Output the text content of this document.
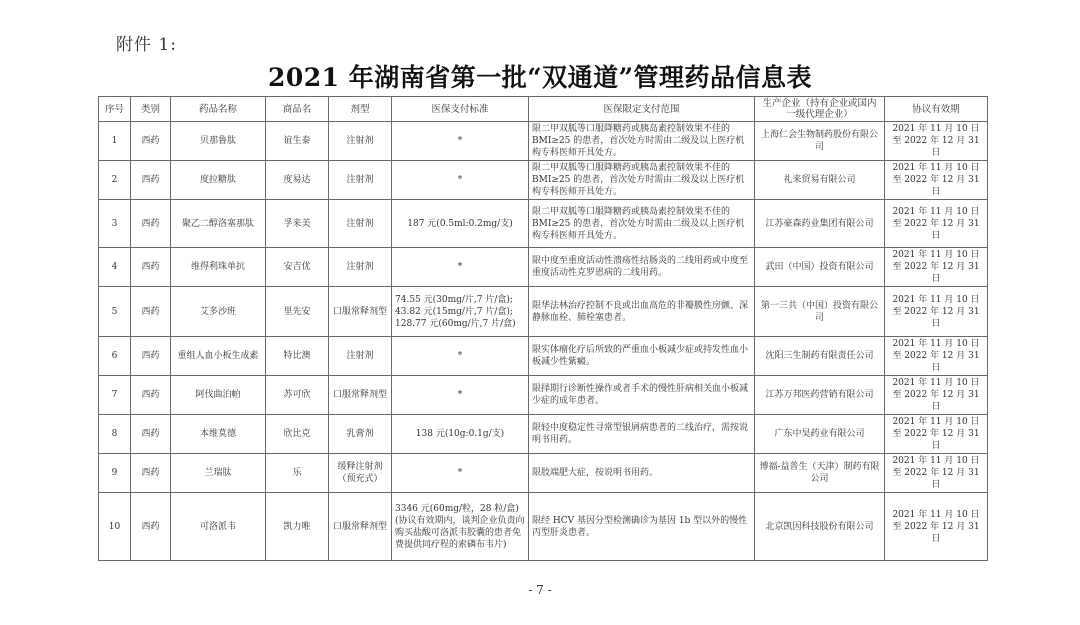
附件 1:
2021 年湖南省第一批“双通道”管理药品信息表
序号	类别	药品名称	商品名	剂型	医保支付标准	医保限定支付范围	生产企业（持有企业或国内一级代理企业）	协议有效期
1	西药	贝那鲁肽	谊生泰	注射剂	*	限二甲双胍等口服降糖药或胰岛素控制效果不佳的 BMI≥25 的患者，首次处方时需由二级及以上医疗机构专科医师开具处方。	上海仁会生物制药股份有限公司	2021 年 11 月 10 日至 2022 年 12 月 31 日
2	西药	度拉糖肽	度易达	注射剂	*	限二甲双胍等口服降糖药或胰岛素控制效果不佳的 BMI≥25 的患者，首次处方时需由二级及以上医疗机构专科医师开具处方。	礼来贸易有限公司	2021 年 11 月 10 日至 2022 年 12 月 31 日
3	西药	聚乙二醇洛塞那肽	孚来美	注射剂	187 元(0.5ml:0.2mg/支)	限二甲双胍等口服降糖药或胰岛素控制效果不佳的 BMI≥25 的患者，首次处方时需由二级及以上医疗机构专科医师开具处方。	江苏豪森药业集团有限公司	2021 年 11 月 10 日至 2022 年 12 月 31 日
4	西药	维得利珠单抗	安吉优	注射剂	*	限中度至重度活动性溃疡性结肠炎的二线用药或中度至重度活动性克罗恩病的二线用药。	武田（中国）投资有限公司	2021 年 11 月 10 日至 2022 年 12 月 31 日
5	西药	艾多沙班	里先安	口服常释剂型	74.55 元(30mg/片,7 片/盒); 43.82 元(15mg/片,7 片/盒); 128.77 元(60mg/片,7 片/盒)	限华法林治疗控制不良或出血高危的非瓣膜性房颤、深静脉血栓、肺栓塞患者。	第一三共（中国）投资有限公司	2021 年 11 月 10 日至 2022 年 12 月 31 日
6	西药	重组人血小板生成素	特比澳	注射剂	*	限实体瘤化疗后所致的严重血小板减少症或持发性血小板减少性紫癜。	沈阳三生制药有限责任公司	2021 年 11 月 10 日至 2022 年 12 月 31 日
7	西药	阿伐曲泊帕	苏可欣	口服常释剂型	*	限择期行诊断性操作或者手术的慢性肝病相关血小板减少症的成年患者。	江苏万邦医药营销有限公司	2021 年 11 月 10 日至 2022 年 12 月 31 日
8	西药	本维莫德	欣比克	乳膏剂	138 元(10g:0.1g/支)	限轻中度稳定性寻常型银屑病患者的二线治疗，需按说明书用药。	广东中昊药业有限公司	2021 年 11 月 10 日至 2022 年 12 月 31 日
9	西药	兰瑞肽	乐	缓释注射剂（预充式）	*	限肢端肥大症，按说明书用药。	博福-益普生（天津）制药有限公司	2021 年 11 月 10 日至 2022 年 12 月 31 日
10	西药	可洛派韦	凯力唯	口服常释剂型	3346 元(60mg/粒，28 粒/盒)(协议有效期内，谈判企业负责向购买盐酸可洛派韦胶囊的患者免费提供同疗程的索磷布韦片)	限经 HCV 基因分型检测确诊为基因 1b 型以外的慢性丙型肝炎患者。	北京凯因科技股份有限公司	2021 年 11 月 10 日至 2022 年 12 月 31 日
- 7 -
